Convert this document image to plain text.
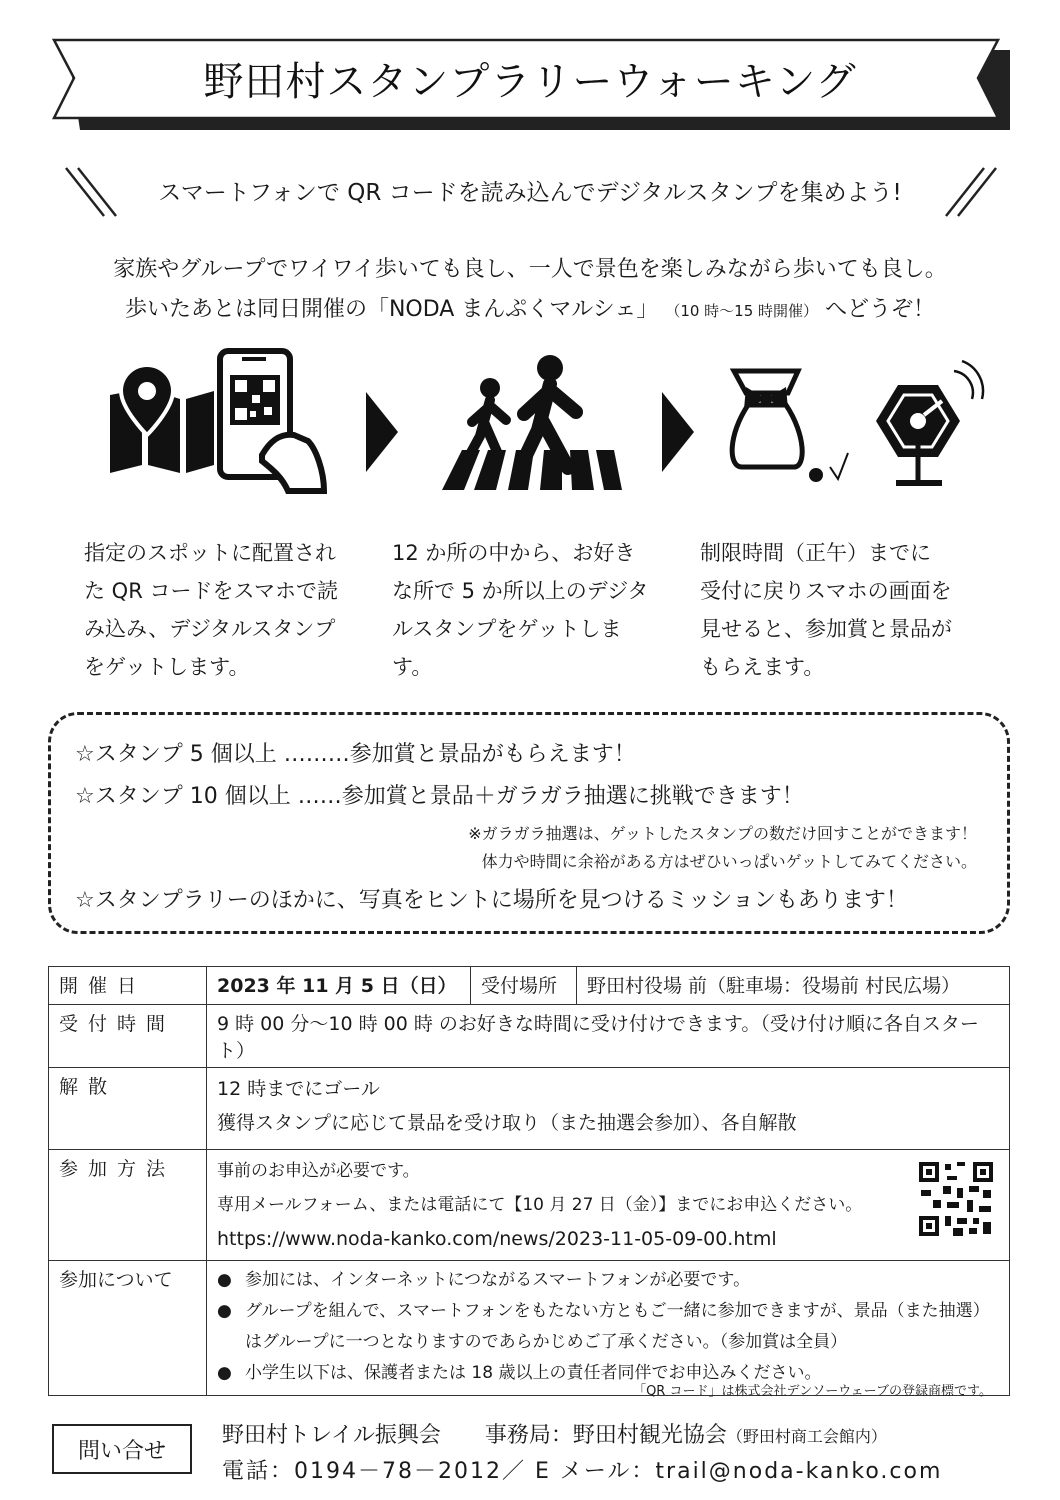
野田村スタンプラリーウォーキング
スマートフォンで QR コードを読み込んでデジタルスタンプを集めよう!
家族やグループでワイワイ歩いても良し、一人で景色を楽しみながら歩いても良し。
歩いたあとは同日開催の「NODA まんぷくマルシェ」 （10 時～15 時開催） へどうぞ！
指定のスポットに配置され
た QR コードをスマホで読
み込み、デジタルスタンプ
をゲットします。
12 か所の中から、お好き
な所で 5 か所以上のデジタ
ルスタンプをゲットしま
す。
制限時間（正午）までに
受付に戻りスマホの画面を
見せると、参加賞と景品が
もらえます。
☆スタンプ 5 個以上 ………参加賞と景品がもらえます！
☆スタンプ 10 個以上 ……参加賞と景品＋ガラガラ抽選に挑戦できます！
※ガラガラ抽選は、ゲットしたスタンプの数だけ回すことができます！
体力や時間に余裕がある方はぜひいっぱいゲットしてみてください。
☆スタンプラリーのほかに、写真をヒントに場所を見つけるミッションもあります！
開催日	2023 年 11 月 5 日（日）	受付場所	野田村役場 前（駐車場：役場前 村民広場）
受付時間	9 時 00 分～10 時 00 時 のお好きな時間に受け付けできます。（受け付け順に各自スタート）		
解散	12 時までにゴール
獲得スタンプに応じて景品を受け取り（また抽選会参加）、各自解散		

参加方法	事前のお申込が必要です。
専用メールフォーム、または電話にて【10 月 27 日（金）】までにお申込ください。
https://www.noda-kanko.com/news/2023-11-05-09-00.html		

参加について	● 参加には、インターネットにつながるスマートフォンが必要です。
● グループを組んで、スマートフォンをもたない方ともご一緒に参加できますが、景品（また抽選）はグループに一つとなりますのであらかじめご了承ください。（参加賞は全員）
● 小学生以下は、保護者または 18 歳以上の責任者同伴でお申込みください。
「QR コード」は株式会社デンソーウェーブの登録商標です。
問い合せ
野田村トレイル振興会　　事務局：野田村観光協会（野田村商工会館内）
電話：0194－78－2012／ E メール：trail@noda-kanko.com
